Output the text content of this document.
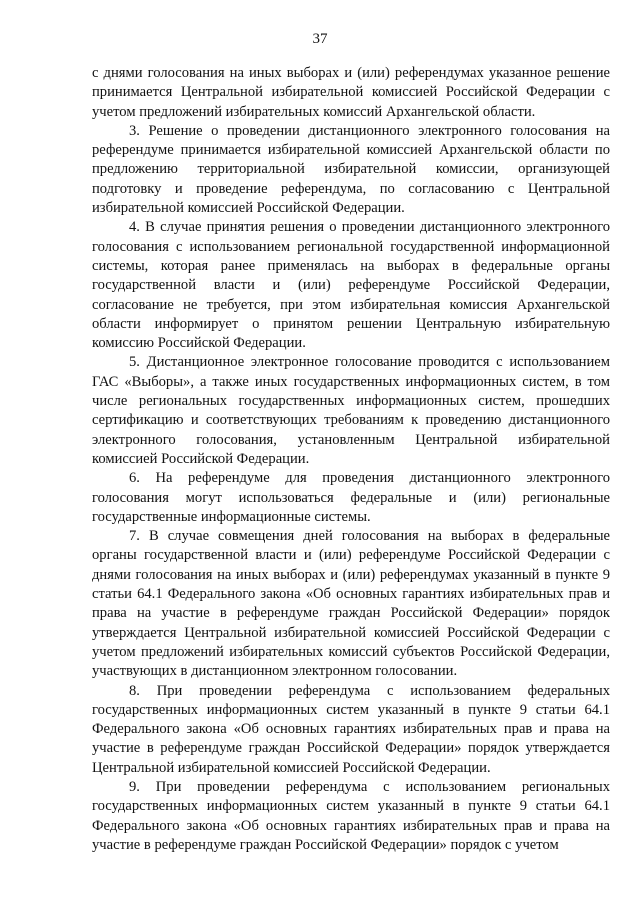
37

с днями голосования на иных выборах и (или) референдумах указанное решение принимается Центральной избирательной комиссией Российской Федерации с учетом предложений избирательных комиссий Архангельской области.

3. Решение о проведении дистанционного электронного голосования на референдуме принимается избирательной комиссией Архангельской области по предложению территориальной избирательной комиссии, организующей подготовку и проведение референдума, по согласованию с Центральной избирательной комиссией Российской Федерации.

4. В случае принятия решения о проведении дистанционного электронного голосования с использованием региональной государственной информационной системы, которая ранее применялась на выборах в федеральные органы государственной власти и (или) референдуме Российской Федерации, согласование не требуется, при этом избирательная комиссия Архангельской области информирует о принятом решении Центральную избирательную комиссию Российской Федерации.

5. Дистанционное электронное голосование проводится с использованием ГАС «Выборы», а также иных государственных информационных систем, в том числе региональных государственных информационных систем, прошедших сертификацию и соответствующих требованиям к проведению дистанционного электронного голосования, установленным Центральной избирательной комиссией Российской Федерации.

6. На референдуме для проведения дистанционного электронного голосования могут использоваться федеральные и (или) региональные государственные информационные системы.

7. В случае совмещения дней голосования на выборах в федеральные органы государственной власти и (или) референдуме Российской Федерации с днями голосования на иных выборах и (или) референдумах указанный в пункте 9 статьи 64.1 Федерального закона «Об основных гарантиях избирательных прав и права на участие в референдуме граждан Российской Федерации» порядок утверждается Центральной избирательной комиссией Российской Федерации с учетом предложений избирательных комиссий субъектов Российской Федерации, участвующих в дистанционном электронном голосовании.

8. При проведении референдума с использованием федеральных государственных информационных систем указанный в пункте 9 статьи 64.1 Федерального закона «Об основных гарантиях избирательных прав и права на участие в референдуме граждан Российской Федерации» порядок утверждается Центральной избирательной комиссией Российской Федерации.

9. При проведении референдума с использованием региональных государственных информационных систем указанный в пункте 9 статьи 64.1 Федерального закона «Об основных гарантиях избирательных прав и права на участие в референдуме граждан Российской Федерации» порядок с учетом
